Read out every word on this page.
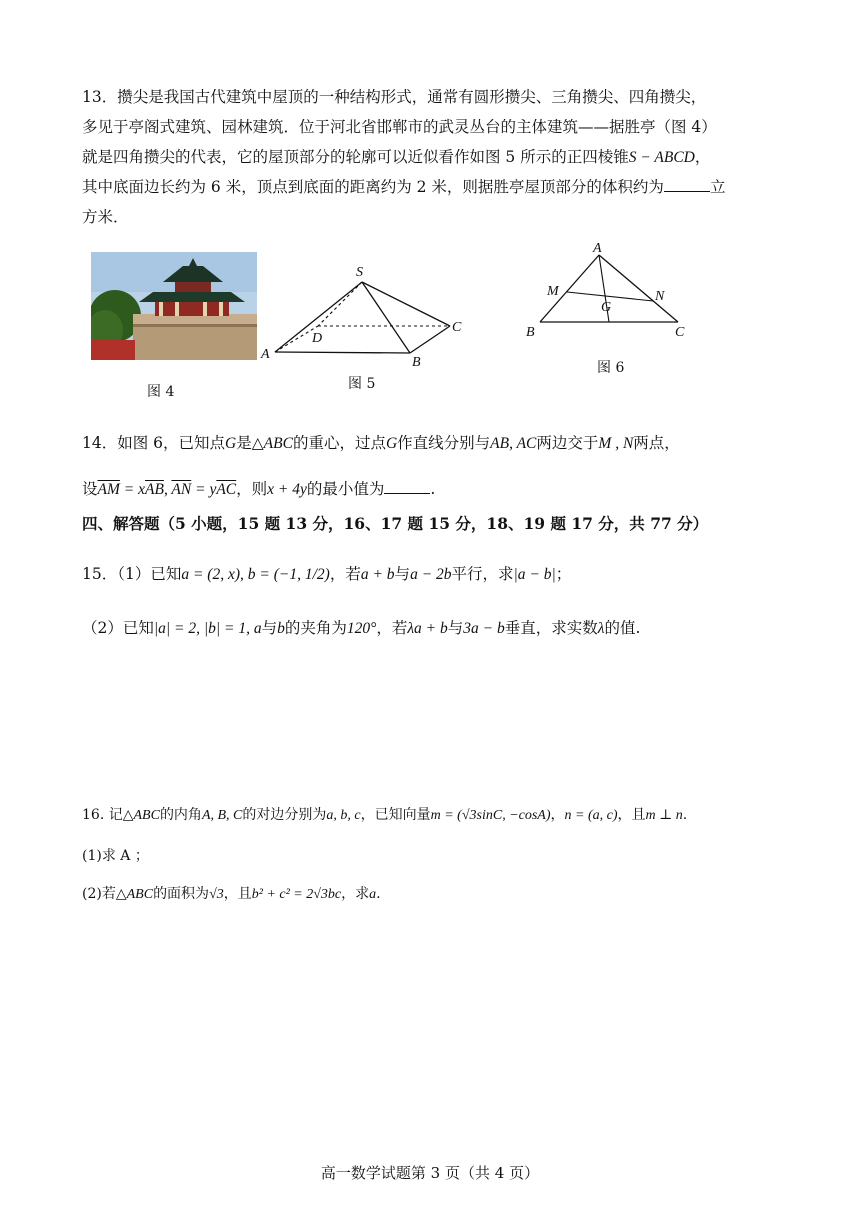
13．攒尖是我国古代建筑中屋顶的一种结构形式，通常有圆形攒尖、三角攒尖、四角攒尖，
多见于亭阁式建筑、园林建筑．位于河北省邯郸市的武灵丛台的主体建筑——据胜亭（图 4）
就是四角攒尖的代表，它的屋顶部分的轮廓可以近似看作如图 5 所示的正四棱锥S − ABCD，
其中底面边长约为 6 米，顶点到底面的距离约为 2 米，则据胜亭屋顶部分的体积约为	立
方米．
图 4
S
D
C
A
B
图 5
A
M	N
G
B	C
图 6
14．如图 6，已知点G是△ABC的重心，过点G作直线分别与AB, AC两边交于M , N两点，
设$\overline{AM} = x\overline{AB}$, $\overline{AN} = y\overline{AC}$，则x + 4y的最小值为	.
四、解答题（5 小题，15 题 13 分，16、17 题 15 分，18、19 题 17 分，共 77 分）
15．（1）已知a = (2, x), b = (−1, 1/2)，若a + b与a − 2b平行，求|a − b|；
（2）已知|a| = 2, |b| = 1, a与b的夹角为120°，若λa + b与3a − b垂直，求实数λ的值.
16. 记△ABC的内角A, B, C的对边分别为a, b, c，已知向量m = (√3sinC, −cosA)，n = (a, c)，且m ⊥ n.
(1)求 A ；
(2)若△ABC的面积为√3，且b² + c² = 2√3bc，求a.
高一数学试题第 3 页（共 4 页）
